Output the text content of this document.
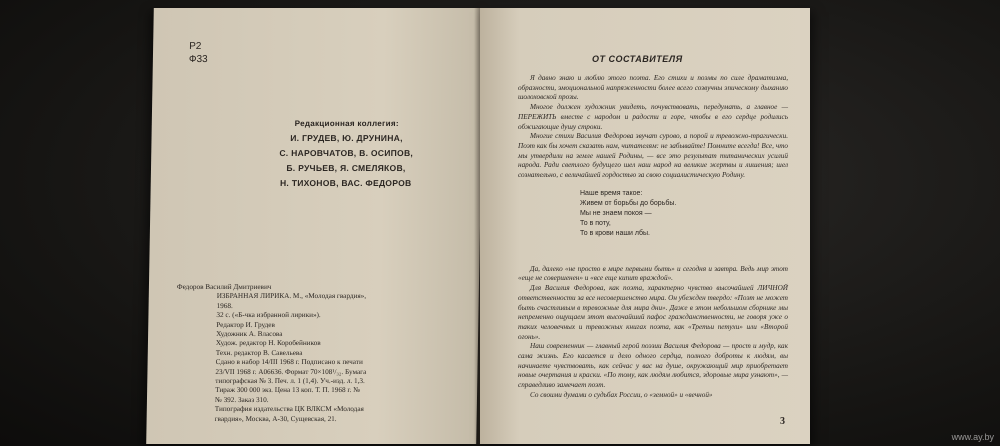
Р2
Ф33
Редакционная коллегия:
И. ГРУДЕВ, Ю. ДРУНИНА,
С. НАРОВЧАТОВ, В. ОСИПОВ,
Б. РУЧЬЕВ, Я. СМЕЛЯКОВ,
Н. ТИХОНОВ, ВАС. ФЕДОРОВ
Федоров Василий Дмитриевич
ИЗБРАННАЯ ЛИРИКА. М., «Молодая гвардия»,
1968.
32 с. («Б-чка избранной лирики»).
Редактор И. Грудев
Художник А. Власова
Худож. редактор Н. Коробейников
Техн. редактор В. Савельева
Сдано в набор 14/III 1968 г. Подписано к печати
23/VII 1968 г. А06636. Формат 70×108¹/₃₂. Бумага
типографская № 3. Печ. л. 1 (1,4). Уч.-изд. л. 1,3.
Тираж 300 000 экз. Цена 13 коп. Т. П. 1968 г. №
№ 392. Заказ 310.
Типография издательства ЦК ВЛКСМ «Молодая
гвардия», Москва, А-30, Сущевская, 21.
ОТ СОСТАВИТЕЛЯ

Я давно знаю и люблю этого поэта. Его стихи и поэмы по силе драматизма, образности, эмоциональной напряженности более всего созвучны эпическому дыханию шолоховской прозы.

Многое должен художник увидеть, почувствовать, передумать, а главное — ПЕРЕЖИТЬ вместе с народом и радости и горе, чтобы в его сердце родились обжигающие душу строки.

Многие стихи Василия Федорова звучат сурово, а порой и тревожно-трагически. Поэт как бы хочет сказать нам, читателям: не забывайте! Помните всегда! Все, что мы утвердили на земле нашей Родины, — все это результат титанических усилий народа. Ради светлого будущего шел наш народ на великие жертвы и лишения; шел сознательно, с величайшей гордостью за свою социалистическую Родину.

Наше время такое:
Живем от борьбы до борьбы.
Мы не знаем покоя —
То в поту,
То в крови наши лбы.

Да, далеко «не просто в мире первыми быть» и сегодня и завтра. Ведь мир этот «еще не совершенен» и «все еще кипит враждой».

Для Василия Федорова, как поэта, характерно чувство высочайшей ЛИЧНОЙ ответственности за все несовершенство мира. Он убежден твердо: «Поэт не может быть счастливым в тревожные для мира дни». Даже в этом небольшом сборнике мы непременно ощущаем этот высочайший пафос гражданственности, не говоря уже о таких человечных и тревожных книгах поэта, как «Третьи петухи» или «Второй огонь».

Наш современник — главный герой поэзии Василия Федорова — прост и мудр, как сама жизнь. Его касается и дело одного сердца, полного доброты к людям, вы начинаете чувствовать, как сейчас у вас на душе, окружающий мир приобретает новые очертания и краски. «По тому, как людям любится, здоровые мира узнают», — справедливо замечает поэт.

Со своими думами о судьбах России, о «земной» и «вечной»

3
www.ay.by
